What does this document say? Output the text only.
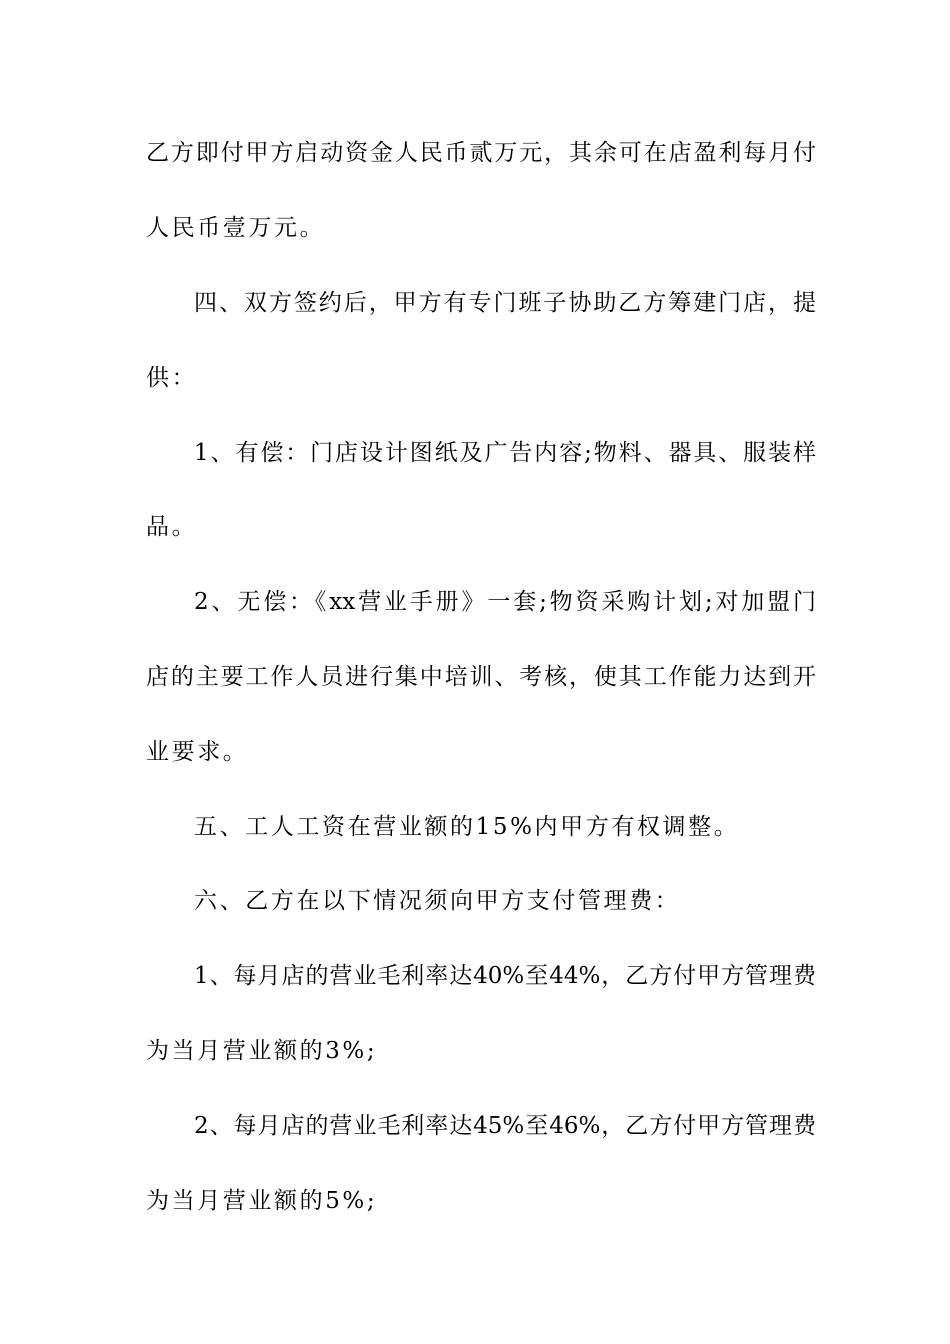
乙方即付甲方启动资金人民币贰万元，其余可在店盈利每月付
人民币壹万元。
四、双方签约后，甲方有专门班子协助乙方筹建门店，提
供：
1、有偿：门店设计图纸及广告内容;物料、器具、服装样
品。
2、无偿：《xx营业手册》一套;物资采购计划;对加盟门
店的主要工作人员进行集中培训、考核，使其工作能力达到开
业要求。
五、工人工资在营业额的15%内甲方有权调整。
六、乙方在以下情况须向甲方支付管理费：
1、每月店的营业毛利率达40%至44%，乙方付甲方管理费
为当月营业额的3%;
2、每月店的营业毛利率达45%至46%，乙方付甲方管理费
为当月营业额的5%;
